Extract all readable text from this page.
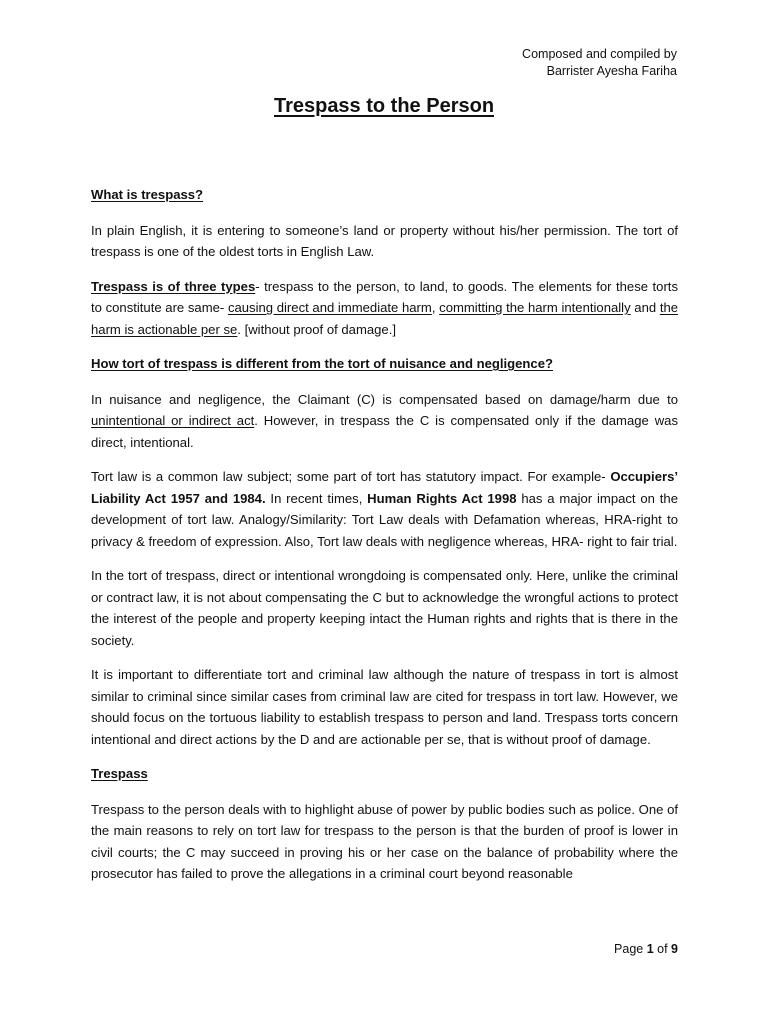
Composed and compiled by
Barrister Ayesha Fariha
Trespass to the Person

What is trespass?

In plain English, it is entering to someone’s land or property without his/her permission. The tort of trespass is one of the oldest torts in English Law.

Trespass is of three types- trespass to the person, to land, to goods. The elements for these torts to constitute are same- causing direct and immediate harm, committing the harm intentionally and the harm is actionable per se. [without proof of damage.]

How tort of trespass is different from the tort of nuisance and negligence?

In nuisance and negligence, the Claimant (C) is compensated based on damage/harm due to unintentional or indirect act. However, in trespass the C is compensated only if the damage was direct, intentional.

Tort law is a common law subject; some part of tort has statutory impact. For example- Occupiers’ Liability Act 1957 and 1984. In recent times, Human Rights Act 1998 has a major impact on the development of tort law. Analogy/Similarity: Tort Law deals with Defamation whereas, HRA-right to privacy & freedom of expression. Also, Tort law deals with negligence whereas, HRA- right to fair trial.

In the tort of trespass, direct or intentional wrongdoing is compensated only. Here, unlike the criminal or contract law, it is not about compensating the C but to acknowledge the wrongful actions to protect the interest of the people and property keeping intact the Human rights and rights that is there in the society.

It is important to differentiate tort and criminal law although the nature of trespass in tort is almost similar to criminal since similar cases from criminal law are cited for trespass in tort law. However, we should focus on the tortuous liability to establish trespass to person and land. Trespass torts concern intentional and direct actions by the D and are actionable per se, that is without proof of damage.

Trespass

Trespass to the person deals with to highlight abuse of power by public bodies such as police. One of the main reasons to rely on tort law for trespass to the person is that the burden of proof is lower in civil courts; the C may succeed in proving his or her case on the balance of probability where the prosecutor has failed to prove the allegations in a criminal court beyond reasonable

Page 1 of 9
